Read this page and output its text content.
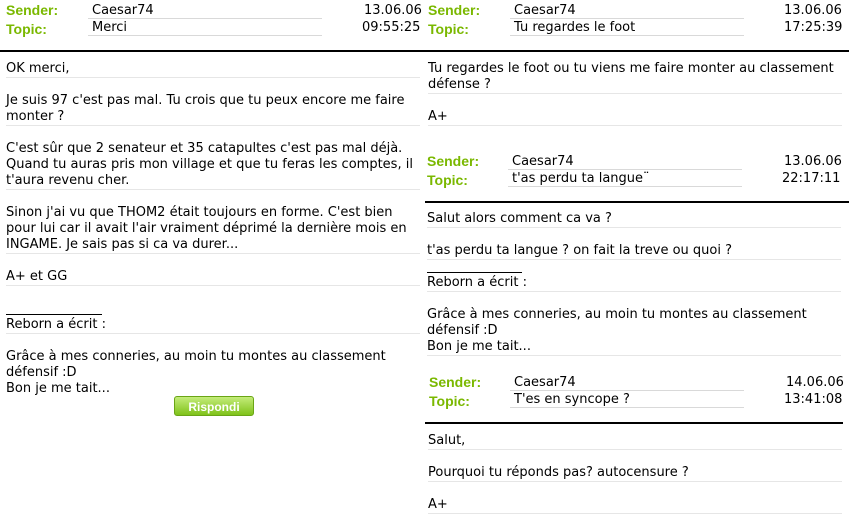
Sender:	Caesar74	13.06.06
Topic:	Merci	09:55:25
OK merci,
Je suis 97 c'est pas mal. Tu crois que tu peux encore me faire
monter ?
C'est sûr que 2 senateur et 35 catapultes c'est pas mal déjà.
Quand tu auras pris mon village et que tu feras les comptes, il
t'aura revenu cher.
Sinon j'ai vu que THOM2 était toujours en forme. C'est bien
pour lui car il avait l'air vraiment déprimé la dernière mois en
INGAME. Je sais pas si ca va durer...
A+ et GG
Reborn a écrit :
Grâce à mes conneries, au moin tu montes au classement
défensif :D
Bon je me tait...
Rispondi
Sender:	Caesar74	13.06.06
Topic:	Tu regardes le foot	17:25:39
Tu regardes le foot ou tu viens me faire monter au classement
défense ?
A+
Sender:	Caesar74	13.06.06
Topic:	t'as perdu ta langue¨	22:17:11
Salut alors comment ca va ?
t'as perdu ta langue ? on fait la treve ou quoi ?
Reborn a écrit :
Grâce à mes conneries, au moin tu montes au classement
défensif :D
Bon je me tait...
Sender:	Caesar74	14.06.06
Topic:	T'es en syncope ?	13:41:08
Salut,
Pourquoi tu réponds pas? autocensure ?
A+
